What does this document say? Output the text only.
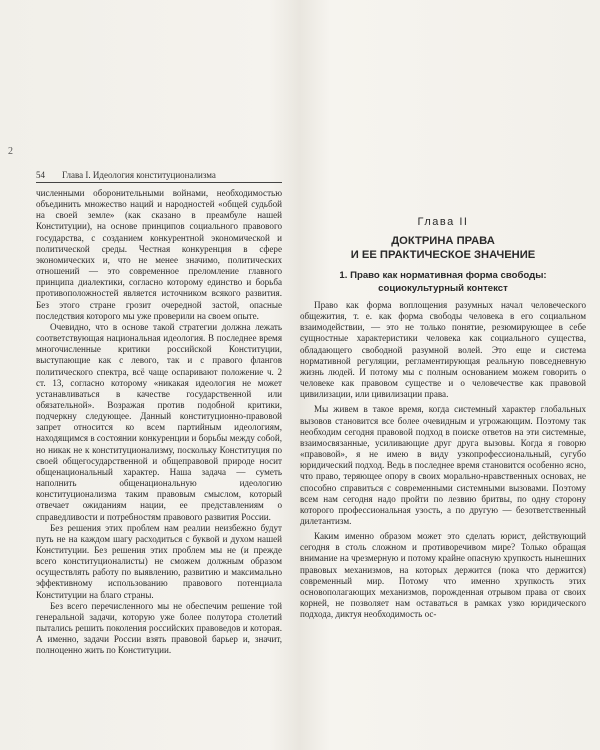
2
54	Глава I. Идеология конституционализма

численными оборонительными войнами, необходимостью объединить множество наций и народностей «общей судьбой на своей земле» (как сказано в преамбуле нашей Конституции), на основе принципов социального правового государства, с созданием конкурентной экономической и политической среды. Честная конкуренция в сфере экономических и, что не менее значимо, политических отношений — это современное преломление главного принципа диалектики, согласно которому единство и борьба противоположностей является источником всякого развития. Без этого стране грозит очередной застой, опасные последствия которого мы уже проверили на своем опыте.

Очевидно, что в основе такой стратегии должна лежать соответствующая национальная идеология. В последнее время многочисленные критики российской Конституции, выступающие как с левого, так и с правого флангов политического спектра, всё чаще оспаривают положение ч. 2 ст. 13, согласно которому «никакая идеология не может устанавливаться в качестве государственной или обязательной». Возражая против подобной критики, подчеркну следующее. Данный конституционно-правовой запрет относится ко всем партийным идеологиям, находящимся в состоянии конкуренции и борьбы между собой, но никак не к конституционализму, поскольку Конституция по своей общегосударственной и общеправовой природе носит общенациональный характер. Наша задача — суметь наполнить общенациональную идеологию конституционализма таким правовым смыслом, который отвечает ожиданиям нации, ее представлениям о справедливости и потребностям правового развития России.

Без решения этих проблем нам реалии неизбежно будут путь не на каждом шагу расходиться с буквой и духом нашей Конституции. Без решения этих проблем мы не (и прежде всего конституционалисты) не сможем должным образом осуществлять работу по выявлению, развитию и максимально эффективному использованию правового потенциала Конституции на благо страны.

Без всего перечисленного мы не обеспечим решение той генеральной задачи, которую уже более полутора столетий пытались решить поколения российских правоведов и которая. А именно, задачи России взять правовой барьер и, значит, полноценно жить по Конституции.

Глава II
ДОКТРИНА ПРАВА
И ЕЕ ПРАКТИЧЕСКОЕ ЗНАЧЕНИЕ
1. Право как нормативная форма свободы:
социокультурный контекст

Право как форма воплощения разумных начал человеческого общежития, т. е. как форма свободы человека в его социальном взаимодействии, — это не только понятие, резюмирующее в себе сущностные характеристики человека как социального существа, обладающего свободной разумной волей. Это еще и система нормативной регуляции, регламентирующая реальную повседневную жизнь людей. И потому мы с полным основанием можем говорить о человеке как правовом существе и о человечестве как правовой цивилизации, или цивилизации права.

Мы живем в такое время, когда системный характер глобальных вызовов становится все более очевидным и угрожающим. Поэтому так необходим сегодня правовой подход в поиске ответов на эти системные, взаимосвязанные, усиливающие друг друга вызовы. Когда я говорю «правовой», я не имею в виду узкопрофессиональный, сугубо юридический подход. Ведь в последнее время становится особенно ясно, что право, теряющее опору в своих морально-нравственных основах, не способно справиться с современными системными вызовами. Поэтому всем нам сегодня надо пройти по лезвию бритвы, по одну сторону которого профессиональная узость, а по другую — безответственный дилетантизм.

Каким именно образом может это сделать юрист, действующий сегодня в столь сложном и противоречивом мире? Только обращая внимание на чрезмерную и потому крайне опасную хрупкость нынешних правовых механизмов, на которых держится (пока что держится) современный мир. Потому что именно хрупкость этих основополагающих механизмов, порожденная отрывом права от своих корней, не позволяет нам оставаться в рамках узко юридического подхода, диктуя необходимость ос-
